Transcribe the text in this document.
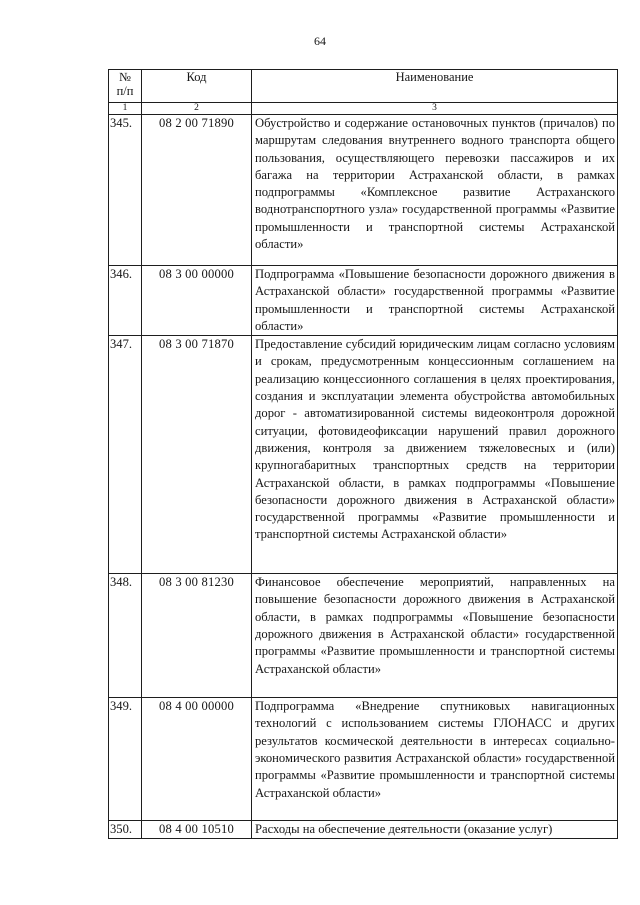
64
№
п/п	Код	Наименование
1	2	3
345.	08 2 00 71890	Обустройство и содержание остановочных пунктов (причалов) по маршрутам следования внутреннего водного транспорта общего пользования, осуществляющего перевозки пассажиров и их багажа на территории Астраханской области, в рамках подпрограммы «Комплексное развитие Астраханского воднотранспортного узла» государственной программы «Развитие промышленности и транспортной системы Астраханской области»
346.	08 3 00 00000	Подпрограмма «Повышение безопасности дорожного движения в Астраханской области» государственной программы «Развитие промышленности и транспортной системы Астраханской области»
347.	08 3 00 71870	Предоставление субсидий юридическим лицам согласно условиям и срокам, предусмотренным концессионным соглашением на реализацию концессионного соглашения в целях проектирования, создания и эксплуатации элемента обустройства автомобильных дорог - автоматизированной системы видеоконтроля дорожной ситуации, фотовидеофиксации нарушений правил дорожного движения, контроля за движением тяжеловесных и (или) крупногабаритных транспортных средств на территории Астраханской области, в рамках подпрограммы «Повышение безопасности дорожного движения в Астраханской области» государственной программы «Развитие промышленности и транспортной системы Астраханской области»
348.	08 3 00 81230	Финансовое обеспечение мероприятий, направленных на повышение безопасности дорожного движения в Астраханской области, в рамках подпрограммы «Повышение безопасности дорожного движения в Астраханской области» государственной программы «Развитие промышленности и транспортной системы Астраханской области»
349.	08 4 00 00000	Подпрограмма «Внедрение спутниковых навигационных технологий с использованием системы ГЛОНАСС и других результатов космической деятельности в интересах социально-экономического развития Астраханской области» государственной программы «Развитие промышленности и транспортной системы Астраханской области»
350.	08 4 00 10510	Расходы на обеспечение деятельности (оказание услуг)
